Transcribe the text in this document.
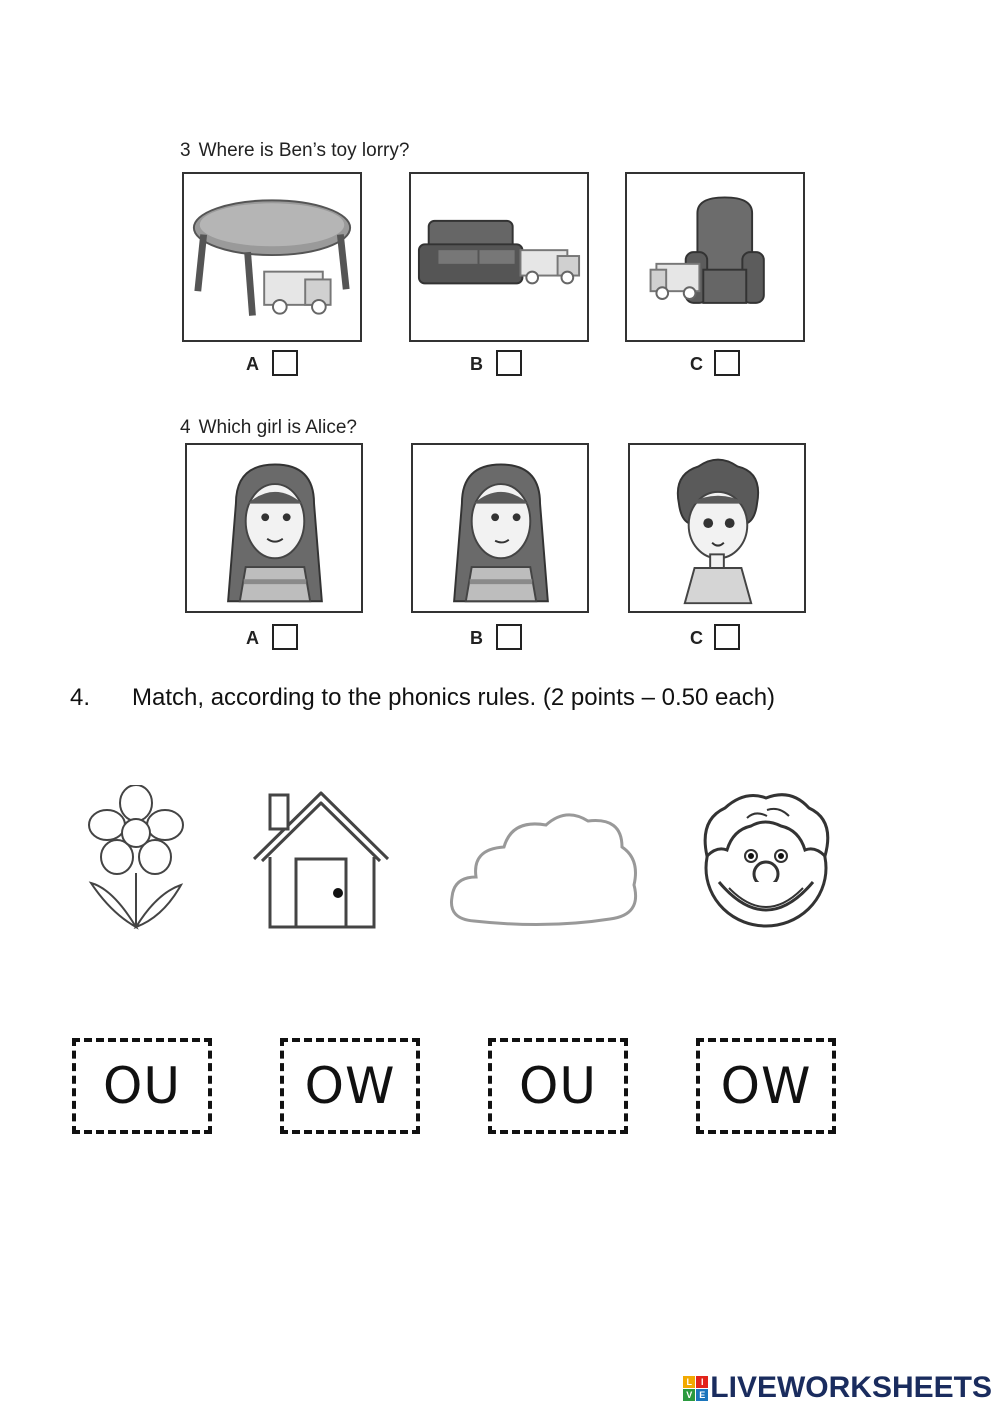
3 Where is Ben’s toy lorry?
A	B	C
4 Which girl is Alice?
A	B	C
4. Match, according to the phonics rules. (2 points – 0.50 each)
OU OW OU OW
L I
V E LIVEWORKSHEETS
